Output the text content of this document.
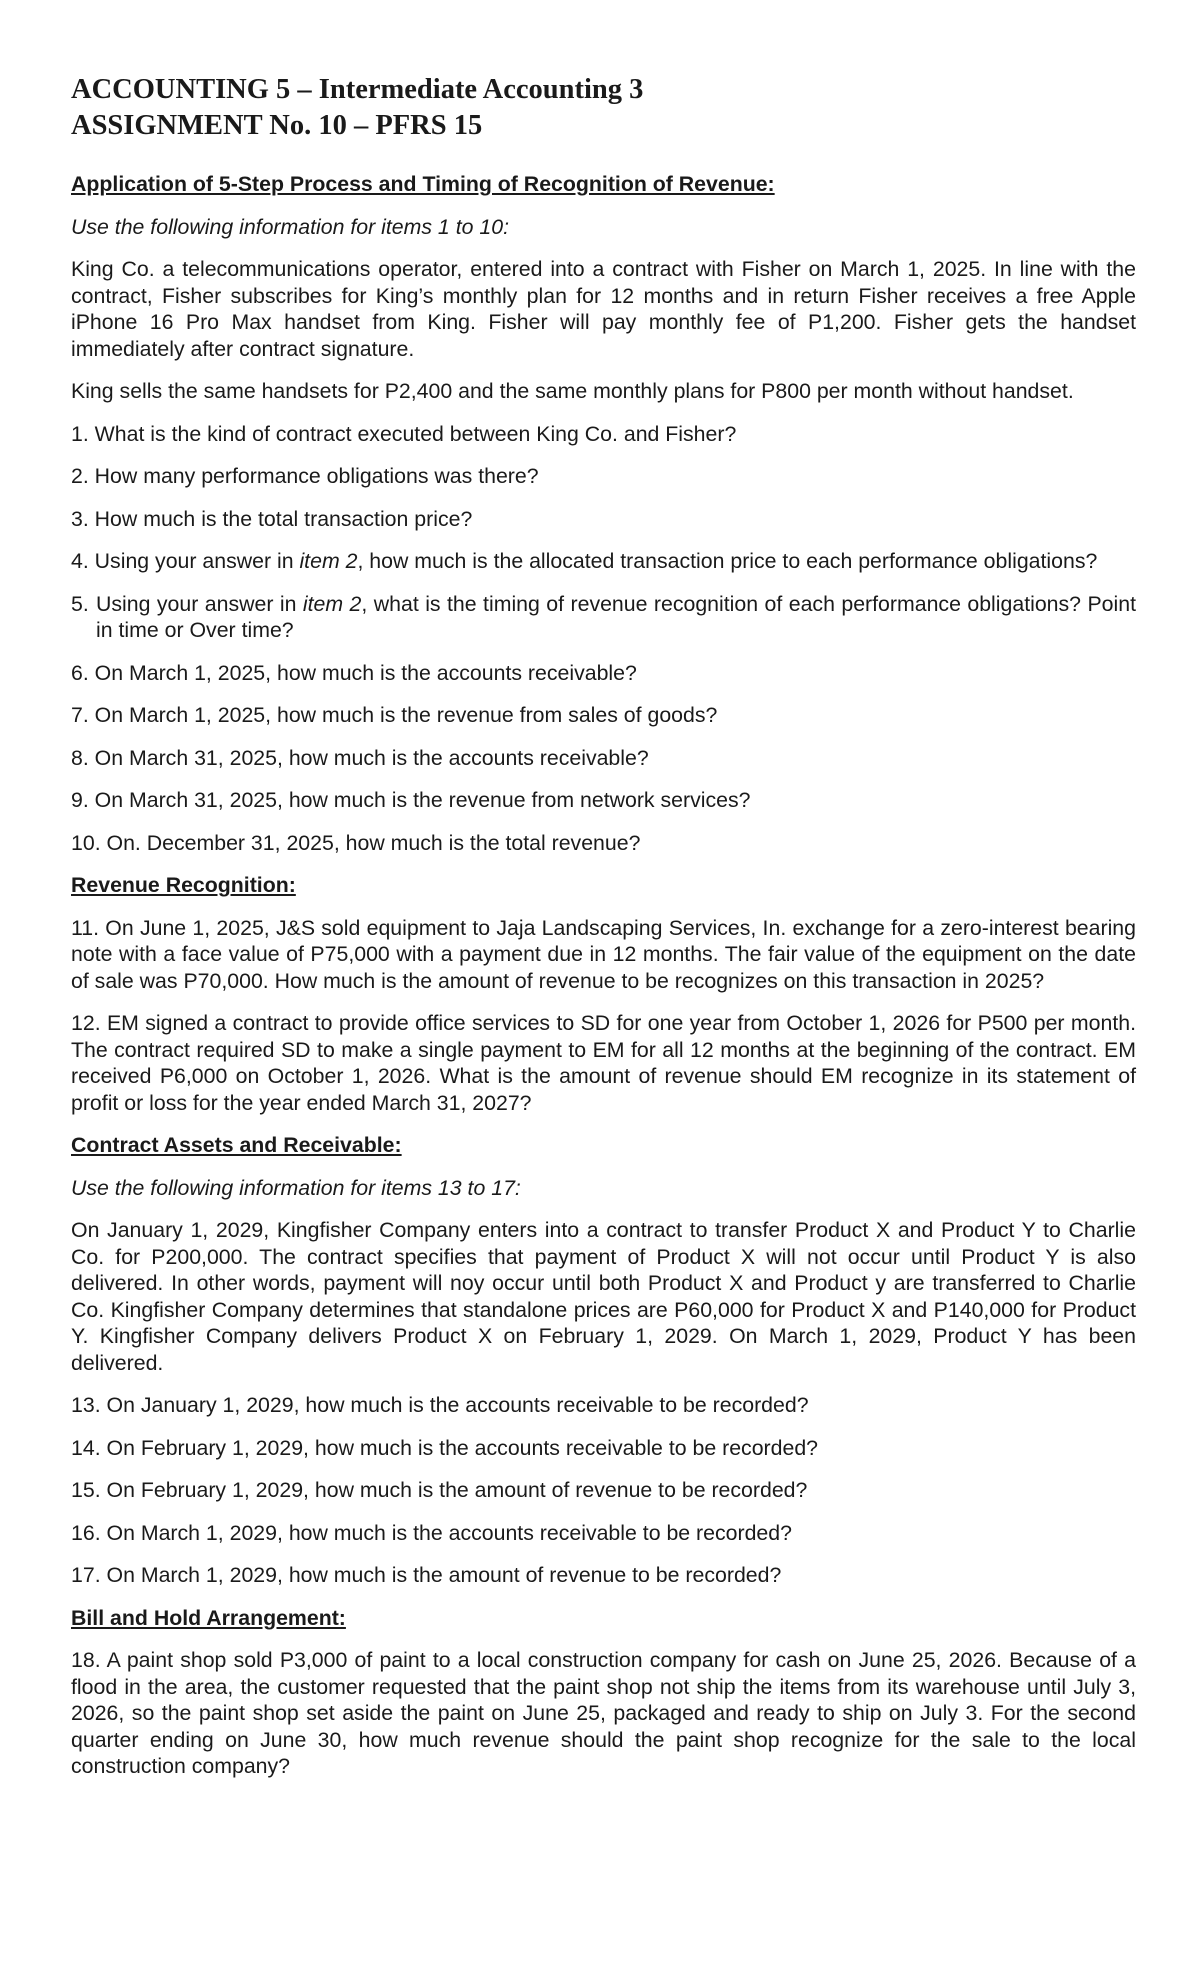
ACCOUNTING 5 – Intermediate Accounting 3
ASSIGNMENT No. 10 – PFRS 15
Application of 5-Step Process and Timing of Recognition of Revenue:
Use the following information for items 1 to 10:

King Co. a telecommunications operator, entered into a contract with Fisher on March 1, 2025. In line with the contract, Fisher subscribes for King’s monthly plan for 12 months and in return Fisher receives a free Apple iPhone 16 Pro Max handset from King. Fisher will pay monthly fee of P1,200. Fisher gets the handset immediately after contract signature.

King sells the same handsets for P2,400 and the same monthly plans for P800 per month without handset.

1. What is the kind of contract executed between King Co. and Fisher?
2. How many performance obligations was there?
3. How much is the total transaction price?
4. Using your answer in item 2, how much is the allocated transaction price to each performance obligations?
5. Using your answer in item 2, what is the timing of revenue recognition of each performance obligations? Point in time or Over time?
6. On March 1, 2025, how much is the accounts receivable?
7. On March 1, 2025, how much is the revenue from sales of goods?
8. On March 31, 2025, how much is the accounts receivable?
9. On March 31, 2025, how much is the revenue from network services?
10. On. December 31, 2025, how much is the total revenue?
Revenue Recognition:

11. On June 1, 2025, J&S sold equipment to Jaja Landscaping Services, In. exchange for a zero-interest bearing note with a face value of P75,000 with a payment due in 12 months. The fair value of the equipment on the date of sale was P70,000. How much is the amount of revenue to be recognizes on this transaction in 2025?

12. EM signed a contract to provide office services to SD for one year from October 1, 2026 for P500 per month. The contract required SD to make a single payment to EM for all 12 months at the beginning of the contract. EM received P6,000 on October 1, 2026. What is the amount of revenue should EM recognize in its statement of profit or loss for the year ended March 31, 2027?

Contract Assets and Receivable:
Use the following information for items 13 to 17:

On January 1, 2029, Kingfisher Company enters into a contract to transfer Product X and Product Y to Charlie Co. for P200,000. The contract specifies that payment of Product X will not occur until Product Y is also delivered. In other words, payment will noy occur until both Product X and Product y are transferred to Charlie Co. Kingfisher Company determines that standalone prices are P60,000 for Product X and P140,000 for Product Y. Kingfisher Company delivers Product X on February 1, 2029. On March 1, 2029, Product Y has been delivered.

13. On January 1, 2029, how much is the accounts receivable to be recorded?
14. On February 1, 2029, how much is the accounts receivable to be recorded?
15. On February 1, 2029, how much is the amount of revenue to be recorded?
16. On March 1, 2029, how much is the accounts receivable to be recorded?
17. On March 1, 2029, how much is the amount of revenue to be recorded?
Bill and Hold Arrangement:

18. A paint shop sold P3,000 of paint to a local construction company for cash on June 25, 2026. Because of a flood in the area, the customer requested that the paint shop not ship the items from its warehouse until July 3, 2026, so the paint shop set aside the paint on June 25, packaged and ready to ship on July 3. For the second quarter ending on June 30, how much revenue should the paint shop recognize for the sale to the local construction company?
